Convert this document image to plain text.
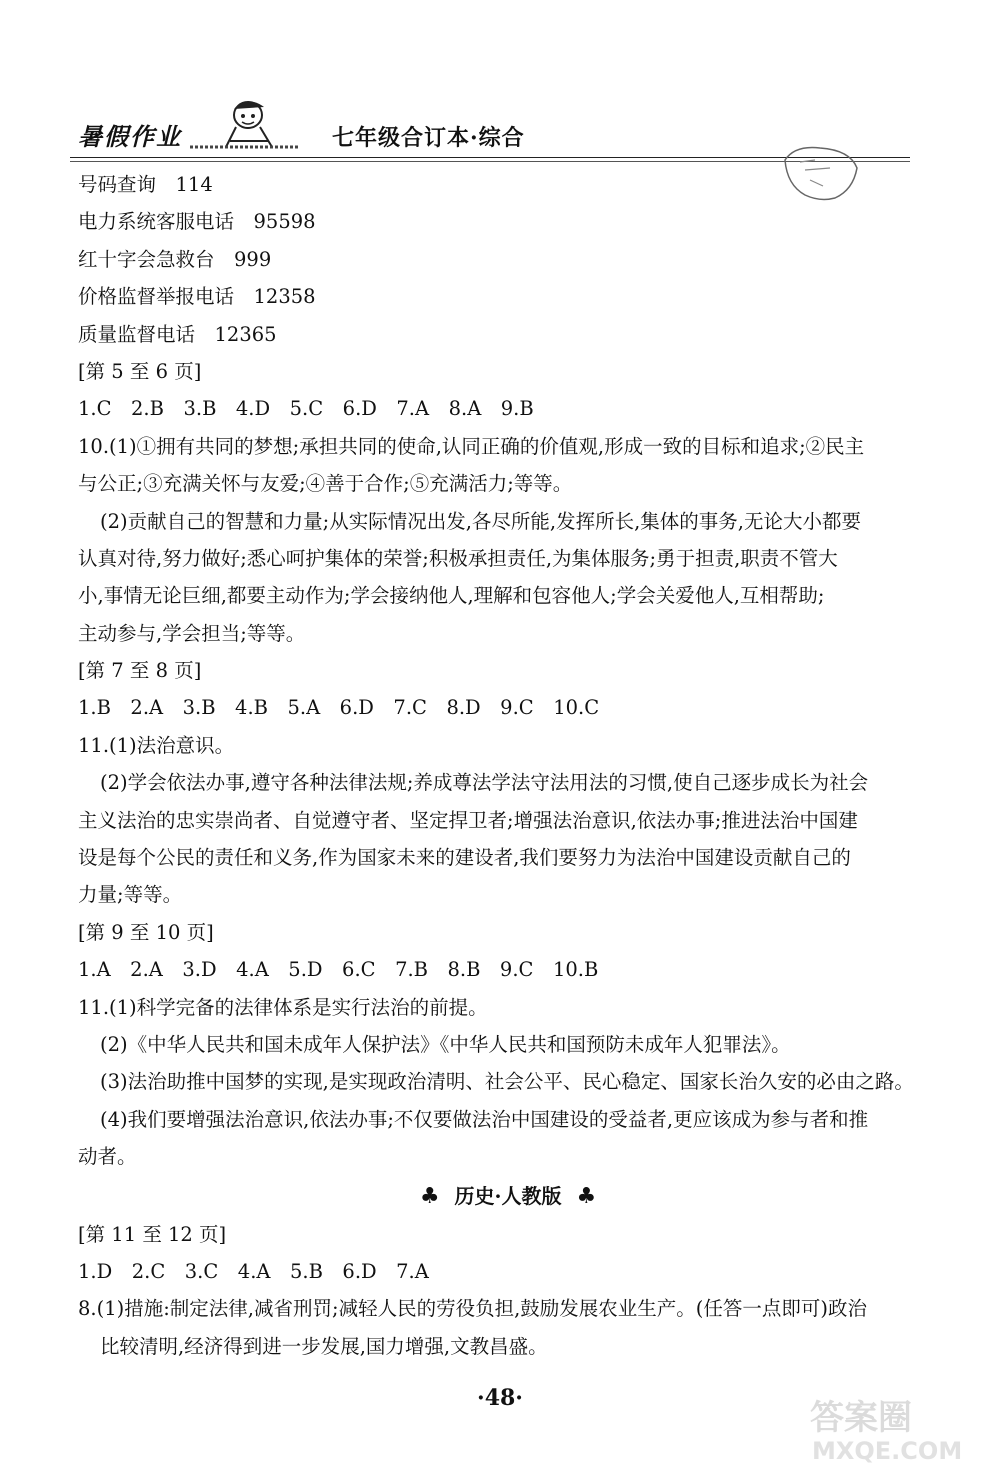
暑假作业	七年级合订本·综合
号码查询　114
电力系统客服电话　95598
红十字会急救台　999
价格监督举报电话　12358
质量监督电话　12365
[第 5 至 6 页]
1.C　2.B　3.B　4.D　5.C　6.D　7.A　8.A　9.B
10.(1)①拥有共同的梦想;承担共同的使命,认同正确的价值观,形成一致的目标和追求;②民主
与公正;③充满关怀与友爱;④善于合作;⑤充满活力;等等。
(2)贡献自己的智慧和力量;从实际情况出发,各尽所能,发挥所长,集体的事务,无论大小都要
认真对待,努力做好;悉心呵护集体的荣誉;积极承担责任,为集体服务;勇于担责,职责不管大
小,事情无论巨细,都要主动作为;学会接纳他人,理解和包容他人;学会关爱他人,互相帮助;
主动参与,学会担当;等等。
[第 7 至 8 页]
1.B　2.A　3.B　4.B　5.A　6.D　7.C　8.D　9.C　10.C
11.(1)法治意识。
(2)学会依法办事,遵守各种法律法规;养成尊法学法守法用法的习惯,使自己逐步成长为社会
主义法治的忠实崇尚者、自觉遵守者、坚定捍卫者;增强法治意识,依法办事;推进法治中国建
设是每个公民的责任和义务,作为国家未来的建设者,我们要努力为法治中国建设贡献自己的
力量;等等。
[第 9 至 10 页]
1.A　2.A　3.D　4.A　5.D　6.C　7.B　8.B　9.C　10.B
11.(1)科学完备的法律体系是实行法治的前提。
(2)《中华人民共和国未成年人保护法》《中华人民共和国预防未成年人犯罪法》。
(3)法治助推中国梦的实现,是实现政治清明、社会公平、民心稳定、国家长治久安的必由之路。
(4)我们要增强法治意识,依法办事;不仅要做法治中国建设的受益者,更应该成为参与者和推
动者。
♣ 历史·人教版 ♣
[第 11 至 12 页]
1.D　2.C　3.C　4.A　5.B　6.D　7.A
8.(1)措施:制定法律,减省刑罚;减轻人民的劳役负担,鼓励发展农业生产。(任答一点即可)政治
比较清明,经济得到进一步发展,国力增强,文教昌盛。
·48·	答案圈
MXQE.COM
